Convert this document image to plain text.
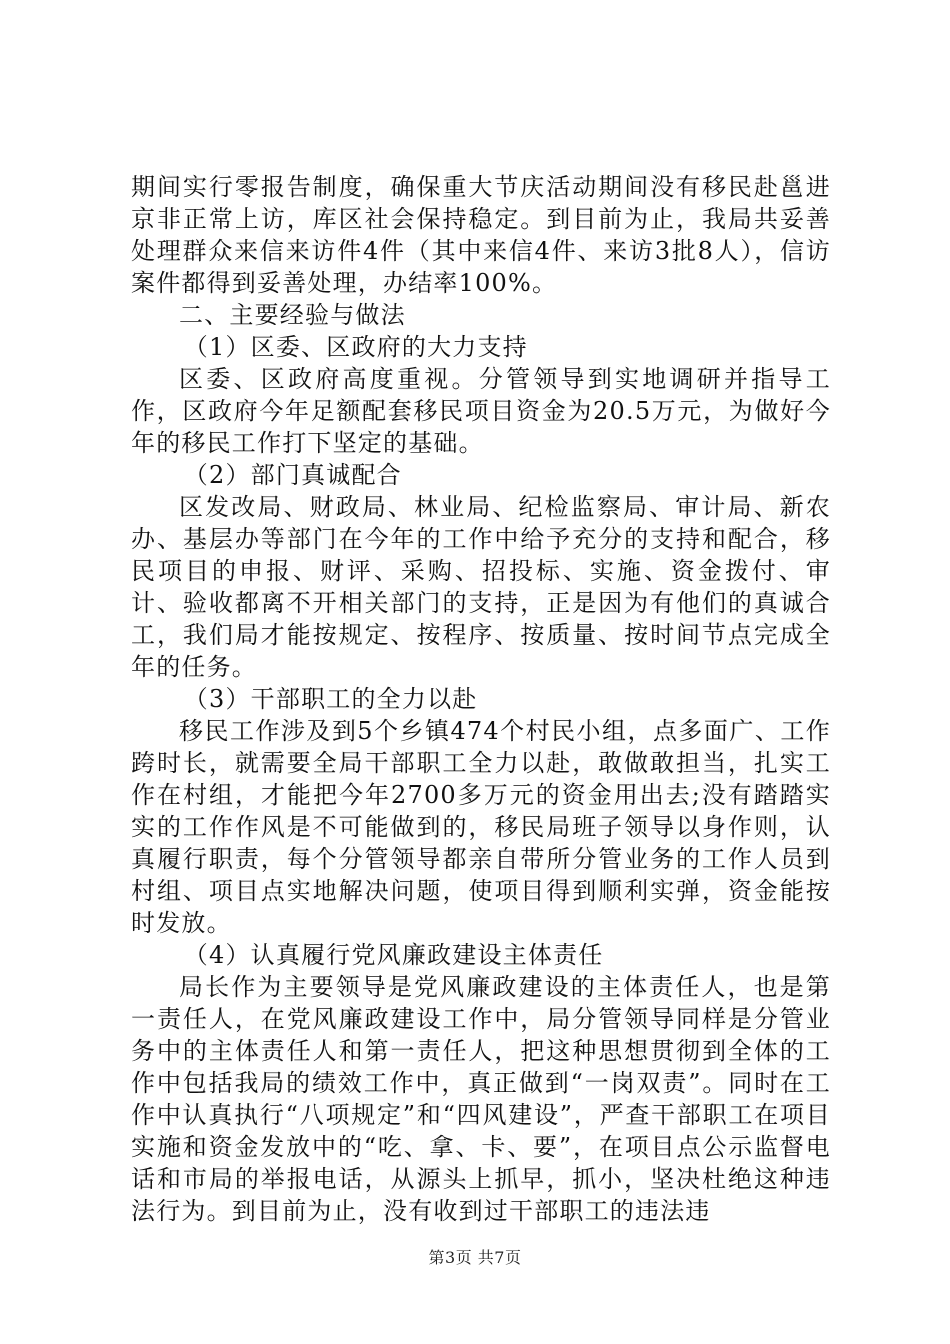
期间实行零报告制度，确保重大节庆活动期间没有移民赴邕进京非正常上访，库区社会保持稳定。到目前为止，我局共妥善处理群众来信来访件4件（其中来信4件、来访3批8人），信访案件都得到妥善处理，办结率100%。

二、主要经验与做法

（1）区委、区政府的大力支持

区委、区政府高度重视。分管领导到实地调研并指导工作，区政府今年足额配套移民项目资金为20.5万元，为做好今年的移民工作打下坚定的基础。

（2）部门真诚配合

区发改局、财政局、林业局、纪检监察局、审计局、新农办、基层办等部门在今年的工作中给予充分的支持和配合，移民项目的申报、财评、采购、招投标、实施、资金拨付、审计、验收都离不开相关部门的支持，正是因为有他们的真诚合工，我们局才能按规定、按程序、按质量、按时间节点完成全年的任务。

（3）干部职工的全力以赴

移民工作涉及到5个乡镇474个村民小组，点多面广、工作跨时长，就需要全局干部职工全力以赴，敢做敢担当，扎实工作在村组，才能把今年2700多万元的资金用出去;没有踏踏实实的工作作风是不可能做到的，移民局班子领导以身作则，认真履行职责，每个分管领导都亲自带所分管业务的工作人员到村组、项目点实地解决问题，使项目得到顺利实弹，资金能按时发放。

（4）认真履行党风廉政建设主体责任

局长作为主要领导是党风廉政建设的主体责任人，也是第一责任人，在党风廉政建设工作中，局分管领导同样是分管业务中的主体责任人和第一责任人，把这种思想贯彻到全体的工作中包括我局的绩效工作中，真正做到“一岗双责”。同时在工作中认真执行“八项规定”和“四风建设”，严查干部职工在项目实施和资金发放中的“吃、拿、卡、要”，在项目点公示监督电话和市局的举报电话，从源头上抓早，抓小，坚决杜绝这种违法行为。到目前为止，没有收到过干部职工的违法违

第3页 共7页
